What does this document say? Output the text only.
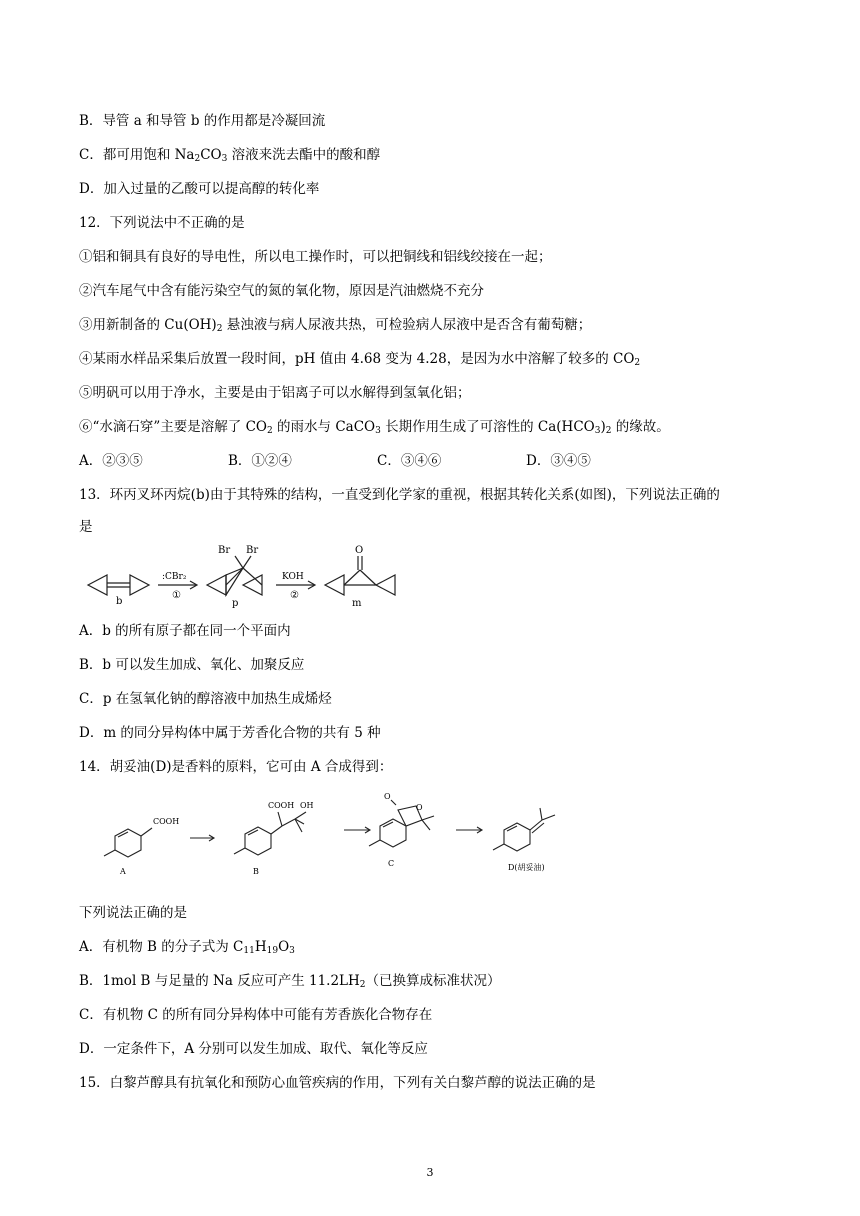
B．导管 a 和导管 b 的作用都是冷凝回流
C．都可用饱和 $Na_2CO_3$ 溶液来洗去酯中的酸和醇
D．加入过量的乙酸可以提高醇的转化率
12．下列说法中不正确的是
①铝和铜具有良好的导电性，所以电工操作时，可以把铜线和铝线绞接在一起；
②汽车尾气中含有能污染空气的氮的氧化物，原因是汽油燃烧不充分
③用新制备的 $Cu(OH)_2$ 悬浊液与病人尿液共热，可检验病人尿液中是否含有葡萄糖；
④某雨水样品采集后放置一段时间，pH 值由 4.68 变为 4.28，是因为水中溶解了较多的 $CO_2$
⑤明矾可以用于净水，主要是由于铝离子可以水解得到氢氧化铝；
⑥“水滴石穿”主要是溶解了 $CO_2$ 的雨水与 CaCO$_3$ 长期作用生成了可溶性的 $Ca(HCO_3)_2$ 的缘故。
A．②③⑤	B．①②④	C．③④⑥	D．③④⑤
13．环丙叉环丙烷(b)由于其特殊的结构，一直受到化学家的重视，根据其转化关系(如图)，下列说法正确的
是
b	p	m
:CBr₂
①
KOH
②
Br Br	O
A．b 的所有原子都在同一个平面内
B．b 可以发生加成、氧化、加聚反应
C．p 在氢氧化钠的醇溶液中加热生成烯烃
D．m 的同分异构体中属于芳香化合物的共有 5 种
14．胡妥油(D)是香料的原料，它可由 A 合成得到：
COOH
A
COOH OH
B
O
O
C	D(胡妥油)
下列说法正确的是
A．有机物 B 的分子式为 $C_{11}H_{19}O_3$
B．1mol B 与足量的 Na 反应可产生 $11.2LH_2$（已换算成标准状况）
C．有机物 C 的所有同分异构体中可能有芳香族化合物存在
D．一定条件下，A 分别可以发生加成、取代、氧化等反应
15．白黎芦醇具有抗氧化和预防心血管疾病的作用，下列有关白黎芦醇的说法正确的是
3
